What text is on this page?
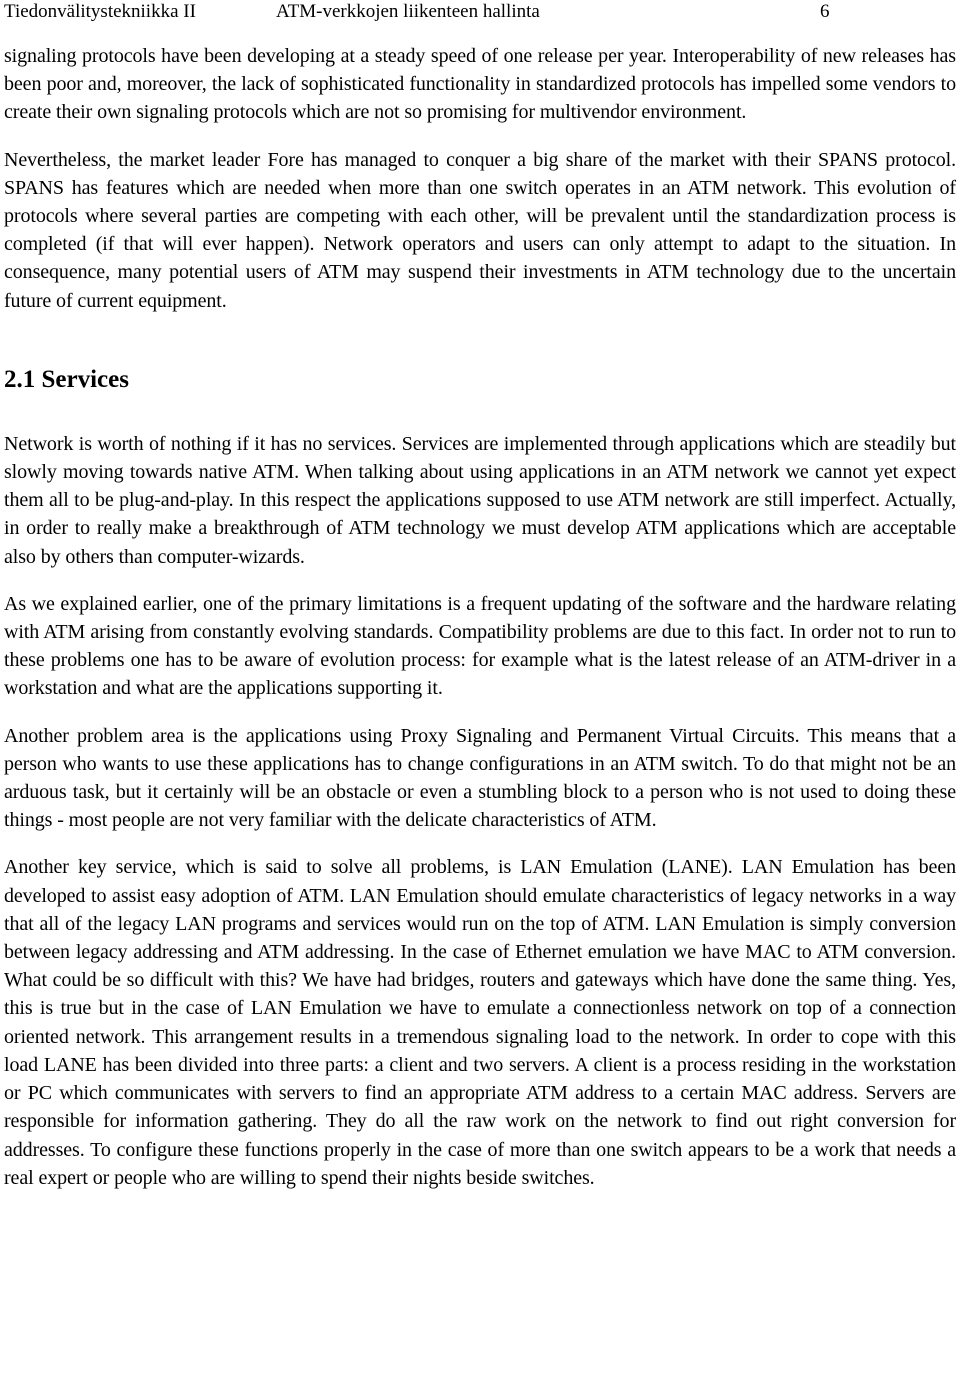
Tiedonvälitystekniikka II	ATM-verkkojen liikenteen hallinta	6

signaling protocols have been developing at a steady speed of one release per year. Interoperability of new releases has been poor and, moreover, the lack of sophisticated functionality in standardized protocols has impelled some vendors to create their own signaling protocols which are not so promising for multivendor environment.

Nevertheless, the market leader Fore has managed to conquer a big share of the market with their SPANS protocol. SPANS has features which are needed when more than one switch operates in an ATM network. This evolution of protocols where several parties are competing with each other, will be prevalent until the standardization process is completed (if that will ever happen). Network operators and users can only attempt to adapt to the situation. In consequence, many potential users of ATM may suspend their investments in ATM technology due to the uncertain future of current equipment.

2.1 Services

Network is worth of nothing if it has no services. Services are implemented through applications which are steadily but slowly moving towards native ATM. When talking about using applications in an ATM network we cannot yet expect them all to be plug-and-play. In this respect the applications supposed to use ATM network are still imperfect. Actually, in order to really make a breakthrough of ATM technology we must develop ATM applications which are acceptable also by others than computer-wizards.

As we explained earlier, one of the primary limitations is a frequent updating of the software and the hardware relating with ATM arising from constantly evolving standards. Compatibility problems are due to this fact. In order not to run to these problems one has to be aware of evolution process: for example what is the latest release of an ATM-driver in a workstation and what are the applications supporting it.

Another problem area is the applications using Proxy Signaling and Permanent Virtual Circuits. This means that a person who wants to use these applications has to change configurations in an ATM switch. To do that might not be an arduous task, but it certainly will be an obstacle or even a stumbling block to a person who is not used to doing these things - most people are not very familiar with the delicate characteristics of ATM.

Another key service, which is said to solve all problems, is LAN Emulation (LANE). LAN Emulation has been developed to assist easy adoption of ATM. LAN Emulation should emulate characteristics of legacy networks in a way that all of the legacy LAN programs and services would run on the top of ATM. LAN Emulation is simply conversion between legacy addressing and ATM addressing. In the case of Ethernet emulation we have MAC to ATM conversion. What could be so difficult with this? We have had bridges, routers and gateways which have done the same thing. Yes, this is true but in the case of LAN Emulation we have to emulate a connectionless network on top of a connection oriented network. This arrangement results in a tremendous signaling load to the network. In order to cope with this load LANE has been divided into three parts: a client and two servers. A client is a process residing in the workstation or PC which communicates with servers to find an appropriate ATM address to a certain MAC address. Servers are responsible for information gathering. They do all the raw work on the network to find out right conversion for addresses. To configure these functions properly in the case of more than one switch appears to be a work that needs a real expert or people who are willing to spend their nights beside switches.
